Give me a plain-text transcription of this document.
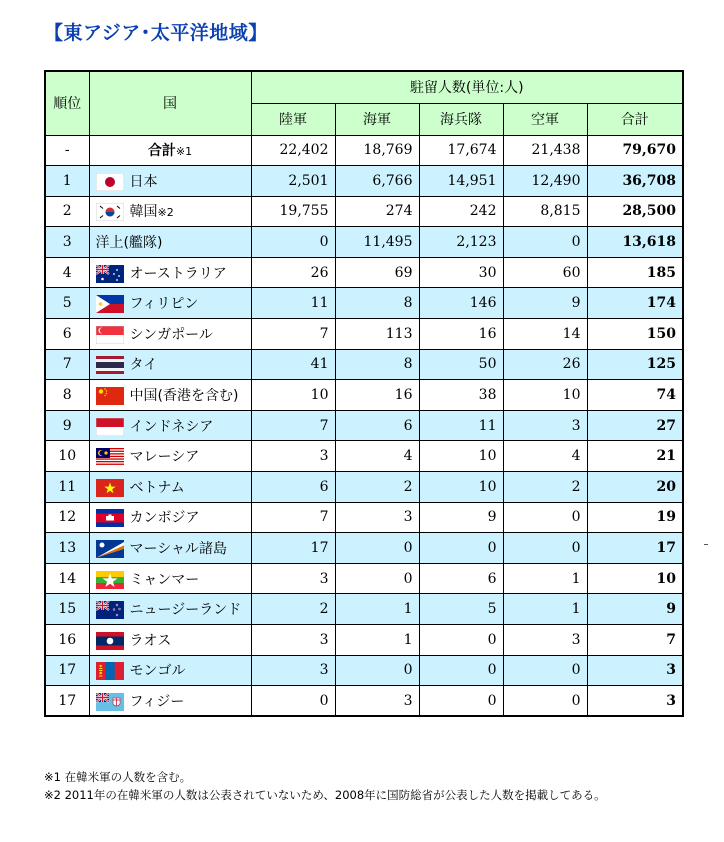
【東アジア･太平洋地域】
順位	国	駐留人数(単位:人)				
		陸軍	海軍	海兵隊	空軍	合計
-	合計※1	22,402	18,769	17,674	21,438	79,670
1	日本	2,501	6,766	14,951	12,490	36,708
2	韓国※2	19,755	274	242	8,815	28,500
3	洋上(艦隊)	0	11,495	2,123	0	13,618
4	オーストラリア	26	69	30	60	185
5	フィリピン	11	8	146	9	174
6	シンガポール	7	113	16	14	150
7	タイ	41	8	50	26	125
8	中国(香港を含む)	10	16	38	10	74
9	インドネシア	7	6	11	3	27
10	マレーシア	3	4	10	4	21
11	ベトナム	6	2	10	2	20
12	カンボジア	7	3	9	0	19
13	マーシャル諸島	17	0	0	0	17
14	ミャンマー	3	0	6	1	10
15	ニュージーランド	2	1	5	1	9
16	ラオス	3	1	0	3	7
17	モンゴル	3	0	0	0	3
17	フィジー	0	3	0	0	3
※1 在韓米軍の人数を含む。
※2 2011年の在韓米軍の人数は公表されていないため、2008年に国防総省が公表した人数を掲載してある。
